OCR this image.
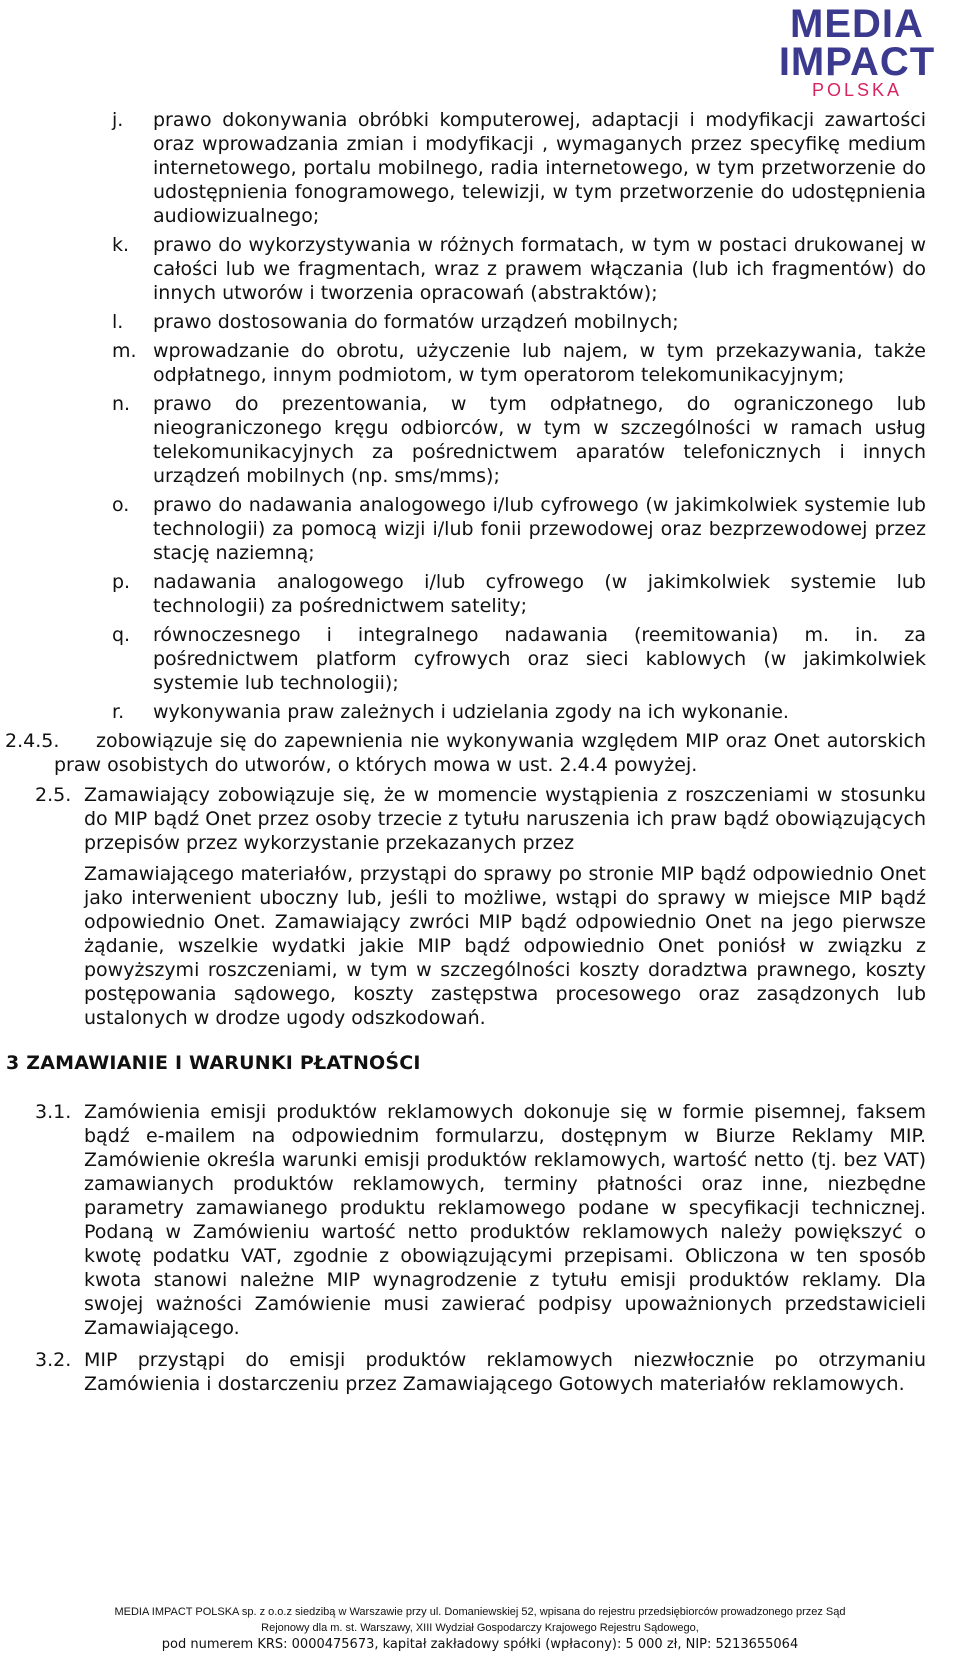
MEDIA
IMPACT
POLSKA
j. prawo dokonywania obróbki komputerowej, adaptacji i modyfikacji zawartości oraz wprowadzania zmian i modyfikacji , wymaganych przez specyfikę medium internetowego, portalu mobilnego, radia internetowego, w tym przetworzenie do udostępnienia fonogramowego, telewizji, w tym przetworzenie do udostępnienia audiowizualnego;
k. prawo do wykorzystywania w różnych formatach, w tym w postaci drukowanej w całości lub we fragmentach, wraz z prawem włączania (lub ich fragmentów) do innych utworów i tworzenia opracowań (abstraktów);
l. prawo dostosowania do formatów urządzeń mobilnych;
m. wprowadzanie do obrotu, użyczenie lub najem, w tym przekazywania, także odpłatnego, innym podmiotom, w tym operatorom telekomunikacyjnym;
n. prawo do prezentowania, w tym odpłatnego, do ograniczonego lub nieograniczonego kręgu odbiorców, w tym w szczególności w ramach usług telekomunikacyjnych za pośrednictwem aparatów telefonicznych i innych urządzeń mobilnych (np. sms/mms);
o. prawo do nadawania analogowego i/lub cyfrowego (w jakimkolwiek systemie lub technologii) za pomocą wizji i/lub fonii przewodowej oraz bezprzewodowej przez stację naziemną;
p. nadawania analogowego i/lub cyfrowego (w jakimkolwiek systemie lub technologii) za pośrednictwem satelity;
q. równoczesnego i integralnego nadawania (reemitowania) m. in. za pośrednictwem platform cyfrowych oraz sieci kablowych (w jakimkolwiek systemie lub technologii);
r. wykonywania praw zależnych i udzielania zgody na ich wykonanie.
2.4.5. zobowiązuje się do zapewnienia nie wykonywania względem MIP oraz Onet autorskich praw osobistych do utworów, o których mowa w ust. 2.4.4 powyżej.
2.5. Zamawiający zobowiązuje się, że w momencie wystąpienia z roszczeniami w stosunku do MIP bądź Onet przez osoby trzecie z tytułu naruszenia ich praw bądź obowiązujących przepisów przez wykorzystanie przekazanych przez
Zamawiającego materiałów, przystąpi do sprawy po stronie MIP bądź odpowiednio Onet jako interwenient uboczny lub, jeśli to możliwe, wstąpi do sprawy w miejsce MIP bądź odpowiednio Onet. Zamawiający zwróci MIP bądź odpowiednio Onet na jego pierwsze żądanie, wszelkie wydatki jakie MIP bądź odpowiednio Onet poniósł w związku z powyższymi roszczeniami, w tym w szczególności koszty doradztwa prawnego, koszty postępowania sądowego, koszty zastępstwa procesowego oraz zasądzonych lub ustalonych w drodze ugody odszkodowań.
3 ZAMAWIANIE I WARUNKI PŁATNOŚCI
3.1. Zamówienia emisji produktów reklamowych dokonuje się w formie pisemnej, faksem bądź e-mailem na odpowiednim formularzu, dostępnym w Biurze Reklamy MIP. Zamówienie określa warunki emisji produktów reklamowych, wartość netto (tj. bez VAT) zamawianych produktów reklamowych, terminy płatności oraz inne, niezbędne parametry zamawianego produktu reklamowego podane w specyfikacji technicznej. Podaną w Zamówieniu wartość netto produktów reklamowych należy powiększyć o kwotę podatku VAT, zgodnie z obowiązującymi przepisami. Obliczona w ten sposób kwota stanowi należne MIP wynagrodzenie z tytułu emisji produktów reklamy. Dla swojej ważności Zamówienie musi zawierać podpisy upoważnionych przedstawicieli Zamawiającego.
3.2. MIP przystąpi do emisji produktów reklamowych niezwłocznie po otrzymaniu Zamówienia i dostarczeniu przez Zamawiającego Gotowych materiałów reklamowych.
MEDIA IMPACT POLSKA sp. z o.o.z siedzibą w Warszawie przy ul. Domaniewskiej 52, wpisana do rejestru przedsiębiorców prowadzonego przez Sąd
Rejonowy dla m. st. Warszawy, XIII Wydział Gospodarczy Krajowego Rejestru Sądowego,
pod numerem KRS: 0000475673, kapitał zakładowy spółki (wpłacony): 5 000 zł, NIP: 5213655064
